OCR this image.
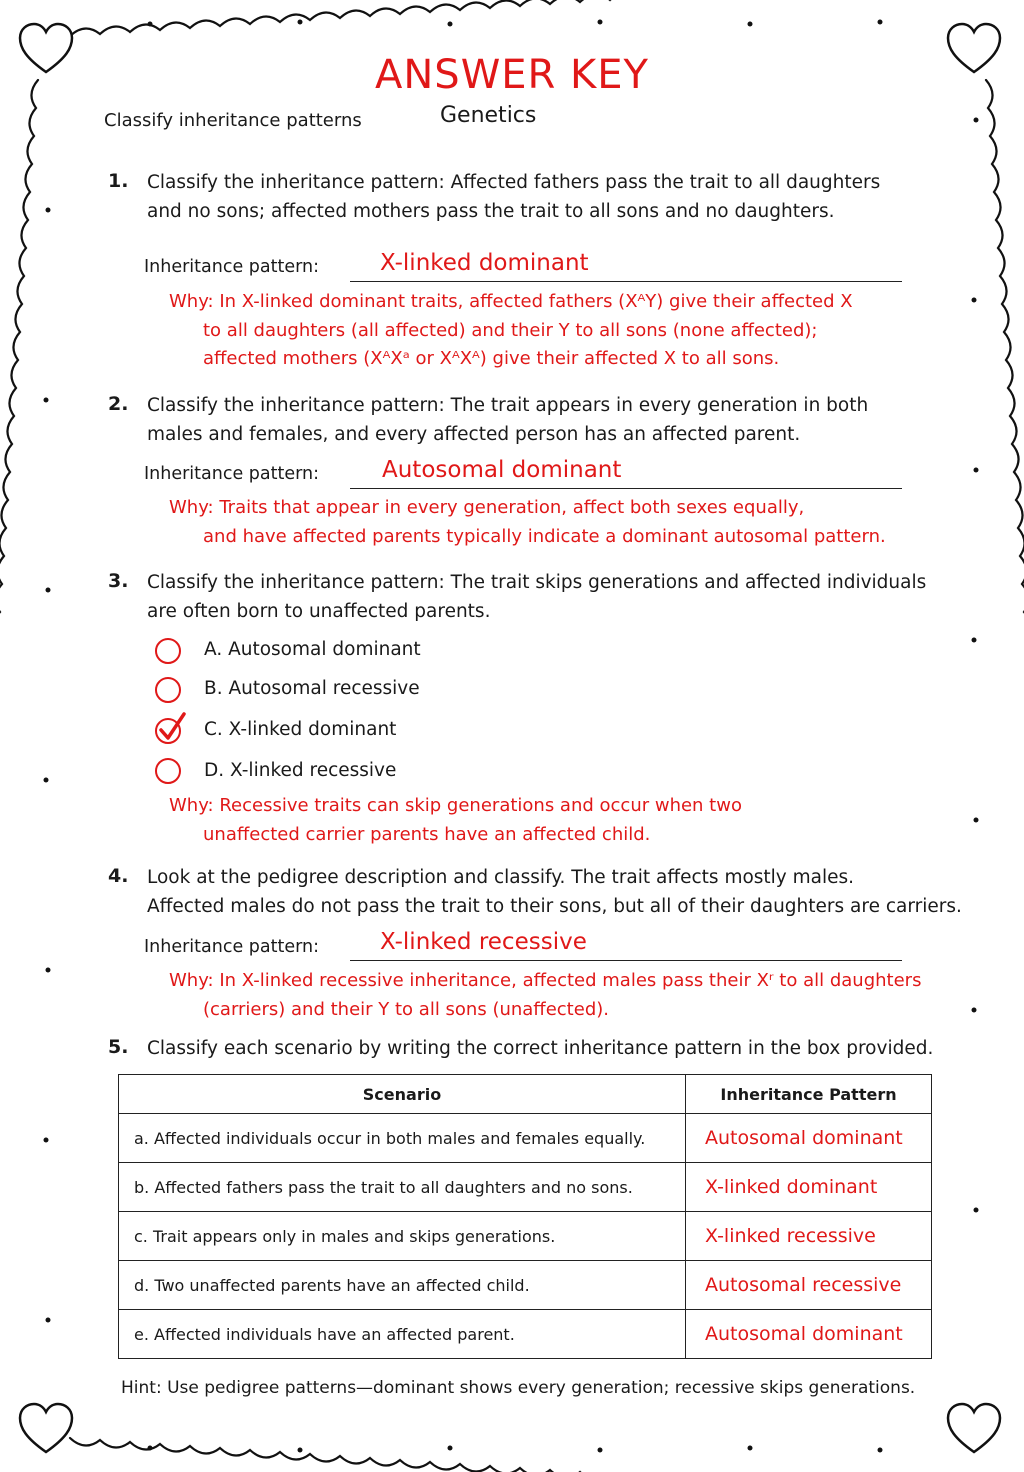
ANSWER KEY
Classify inheritance patterns	Genetics
1. Classify the inheritance pattern: Affected fathers pass the trait to all daughters
and no sons; affected mothers pass the trait to all sons and no daughters.
Inheritance pattern:	X-linked dominant
Why: In X-linked dominant traits, affected fathers (XᴬY) give their affected X
to all daughters (all affected) and their Y to all sons (none affected);
affected mothers (XᴬXᵃ or XᴬXᴬ) give their affected X to all sons.
2. Classify the inheritance pattern: The trait appears in every generation in both
males and females, and every affected person has an affected parent.
Inheritance pattern:	Autosomal dominant
Why: Traits that appear in every generation, affect both sexes equally,
and have affected parents typically indicate a dominant autosomal pattern.
3. Classify the inheritance pattern: The trait skips generations and affected individuals
are often born to unaffected parents.
A. Autosomal dominant
B. Autosomal recessive
C. X-linked dominant
D. X-linked recessive
Why: Recessive traits can skip generations and occur when two
unaffected carrier parents have an affected child.
4. Look at the pedigree description and classify. The trait affects mostly males.
Affected males do not pass the trait to their sons, but all of their daughters are carriers.
Inheritance pattern:	X-linked recessive
Why: In X-linked recessive inheritance, affected males pass their Xʳ to all daughters
(carriers) and their Y to all sons (unaffected).
5. Classify each scenario by writing the correct inheritance pattern in the box provided.
Scenario	Inheritance Pattern
a. Affected individuals occur in both males and females equally.	Autosomal dominant
b. Affected fathers pass the trait to all daughters and no sons.	X-linked dominant
c. Trait appears only in males and skips generations.	X-linked recessive
d. Two unaffected parents have an affected child.	Autosomal recessive
e. Affected individuals have an affected parent.	Autosomal dominant
Hint: Use pedigree patterns—dominant shows every generation; recessive skips generations.
